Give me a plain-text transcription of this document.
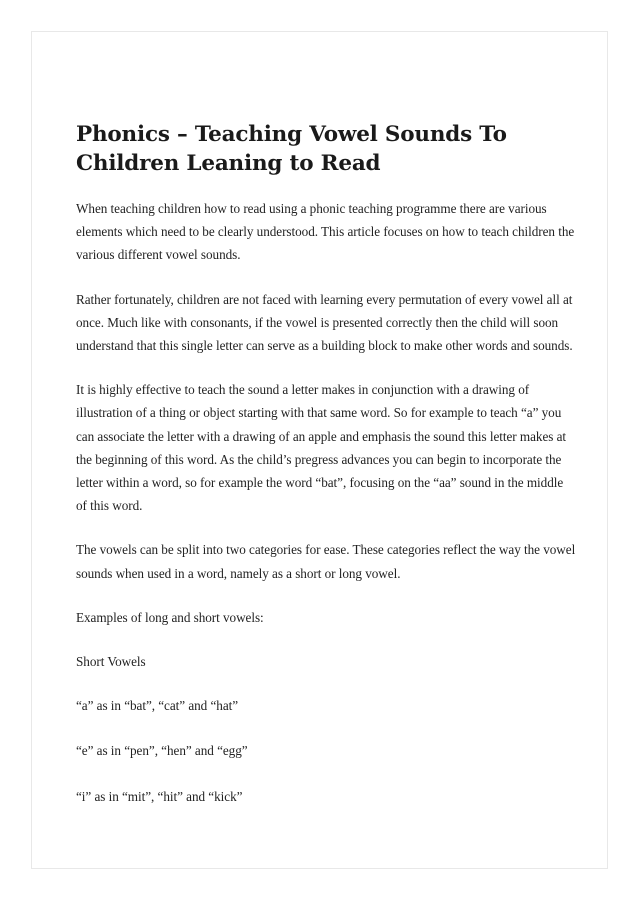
Phonics – Teaching Vowel Sounds To
Children Leaning to Read

When teaching children how to read using a phonic teaching programme there are various elements which need to be clearly understood. This article focuses on how to teach children the various different vowel sounds.

Rather fortunately, children are not faced with learning every permutation of every vowel all at once. Much like with consonants, if the vowel is presented correctly then the child will soon understand that this single letter can serve as a building block to make other words and sounds.

It is highly effective to teach the sound a letter makes in conjunction with a drawing of illustration of a thing or object starting with that same word. So for example to teach “a” you can associate the letter with a drawing of an apple and emphasis the sound this letter makes at the beginning of this word. As the child’s pregress advances you can begin to incorporate the letter within a word, so for example the word “bat”, focusing on the “aa” sound in the middle of this word.

The vowels can be split into two categories for ease. These categories reflect the way the vowel sounds when used in a word, namely as a short or long vowel.

Examples of long and short vowels:

Short Vowels

“a” as in “bat”, “cat” and “hat”

“e” as in “pen”, “hen” and “egg”

“i” as in “mit”, “hit” and “kick”
